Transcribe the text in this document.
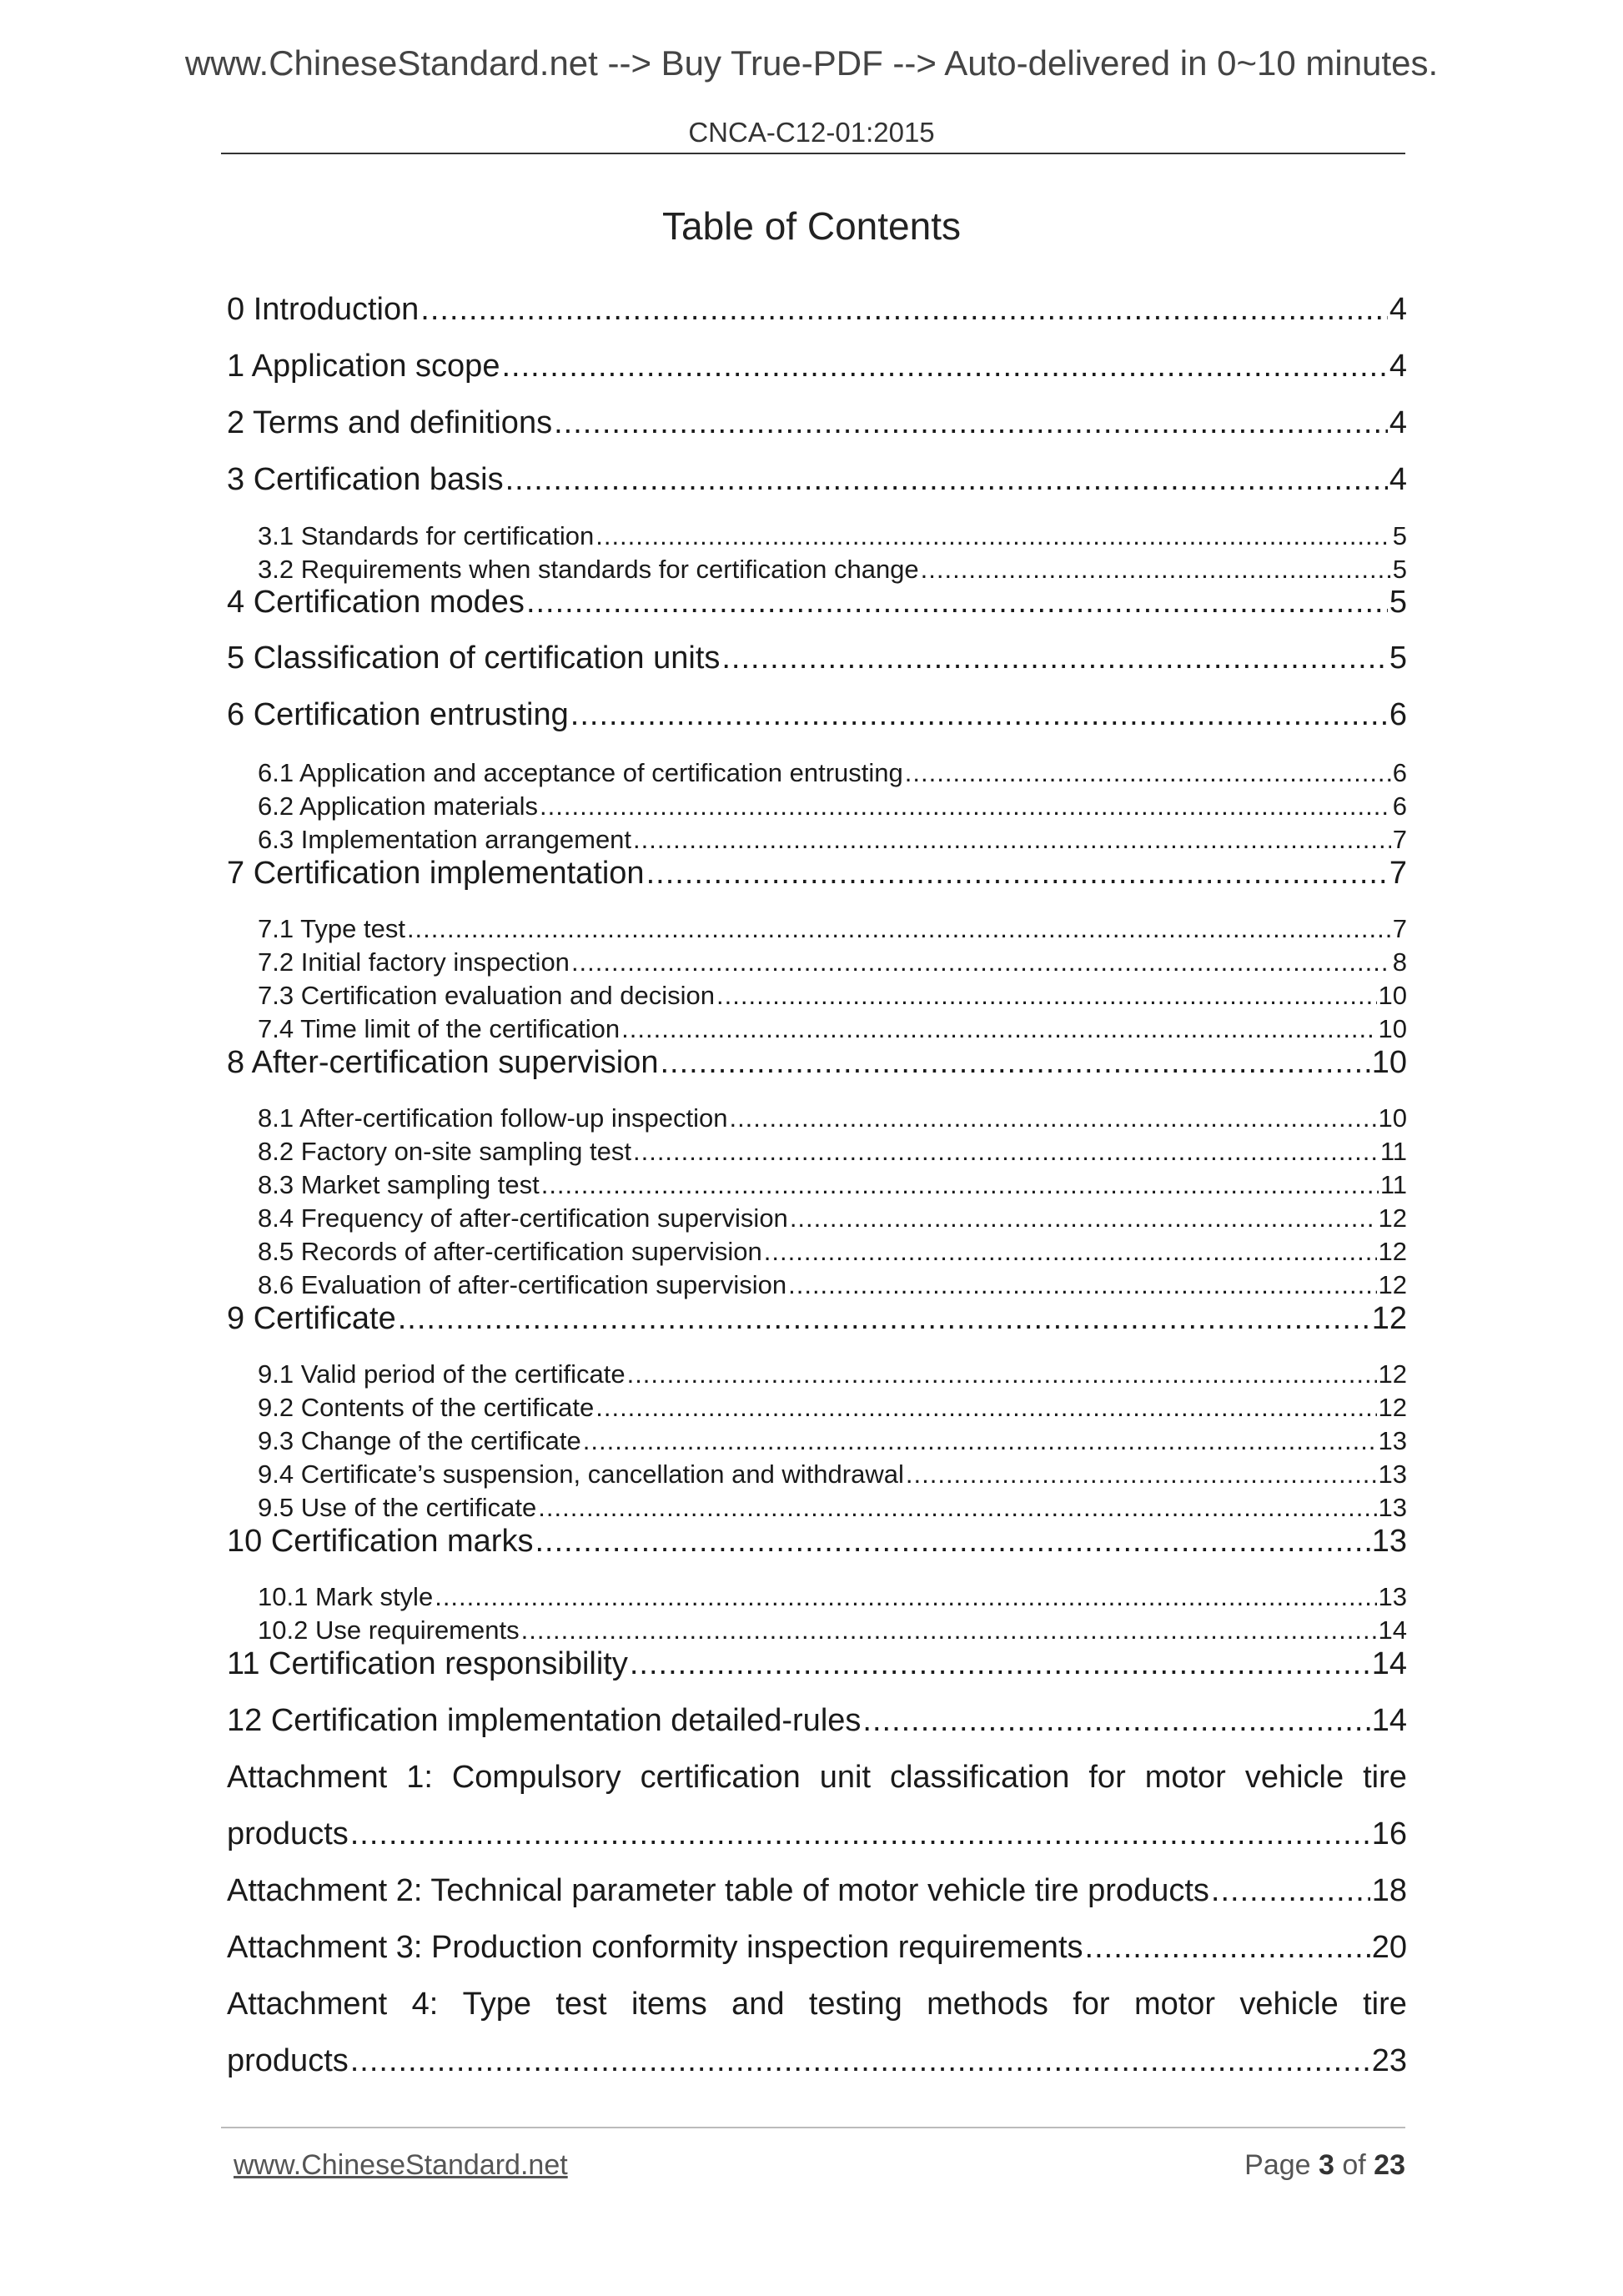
www.ChineseStandard.net --> Buy True-PDF --> Auto-delivered in 0~10 minutes.
CNCA-C12-01:2015
Table of Contents
0 Introduction .....	4
1 Application scope .....	4
2 Terms and definitions .....	4
3 Certification basis .....	4
3.1 Standards for certification .....	5
3.2 Requirements when standards for certification change .....	5
4 Certification modes .....	5
5 Classification of certification units .....	5
6 Certification entrusting .....	6
6.1 Application and acceptance of certification entrusting .....	6
6.2 Application materials .....	6
6.3 Implementation arrangement .....	7
7 Certification implementation .....	7
7.1 Type test .....	7
7.2 Initial factory inspection .....	8
7.3 Certification evaluation and decision .....	10
7.4 Time limit of the certification .....	10
8 After-certification supervision .....	10
8.1 After-certification follow-up inspection .....	10
8.2 Factory on-site sampling test .....	11
8.3 Market sampling test .....	11
8.4 Frequency of after-certification supervision .....	12
8.5 Records of after-certification supervision .....	12
8.6 Evaluation of after-certification supervision .....	12
9 Certificate .....	12
9.1 Valid period of the certificate .....	12
9.2 Contents of the certificate .....	12
9.3 Change of the certificate .....	13
9.4 Certificate’s suspension, cancellation and withdrawal .....	13
9.5 Use of the certificate .....	13
10 Certification marks .....	13
10.1 Mark style .....	13
10.2 Use requirements .....	14
11 Certification responsibility .....	14
12 Certification implementation detailed-rules .....	14
Attachment 1: Compulsory certification unit classification for motor vehicle tire
products .....	16
Attachment 2: Technical parameter table of motor vehicle tire products .....	18
Attachment 3: Production conformity inspection requirements .....	20
Attachment 4: Type test items and testing methods for motor vehicle tire
products .....	23
www.ChineseStandard.net	Page 3 of 23
